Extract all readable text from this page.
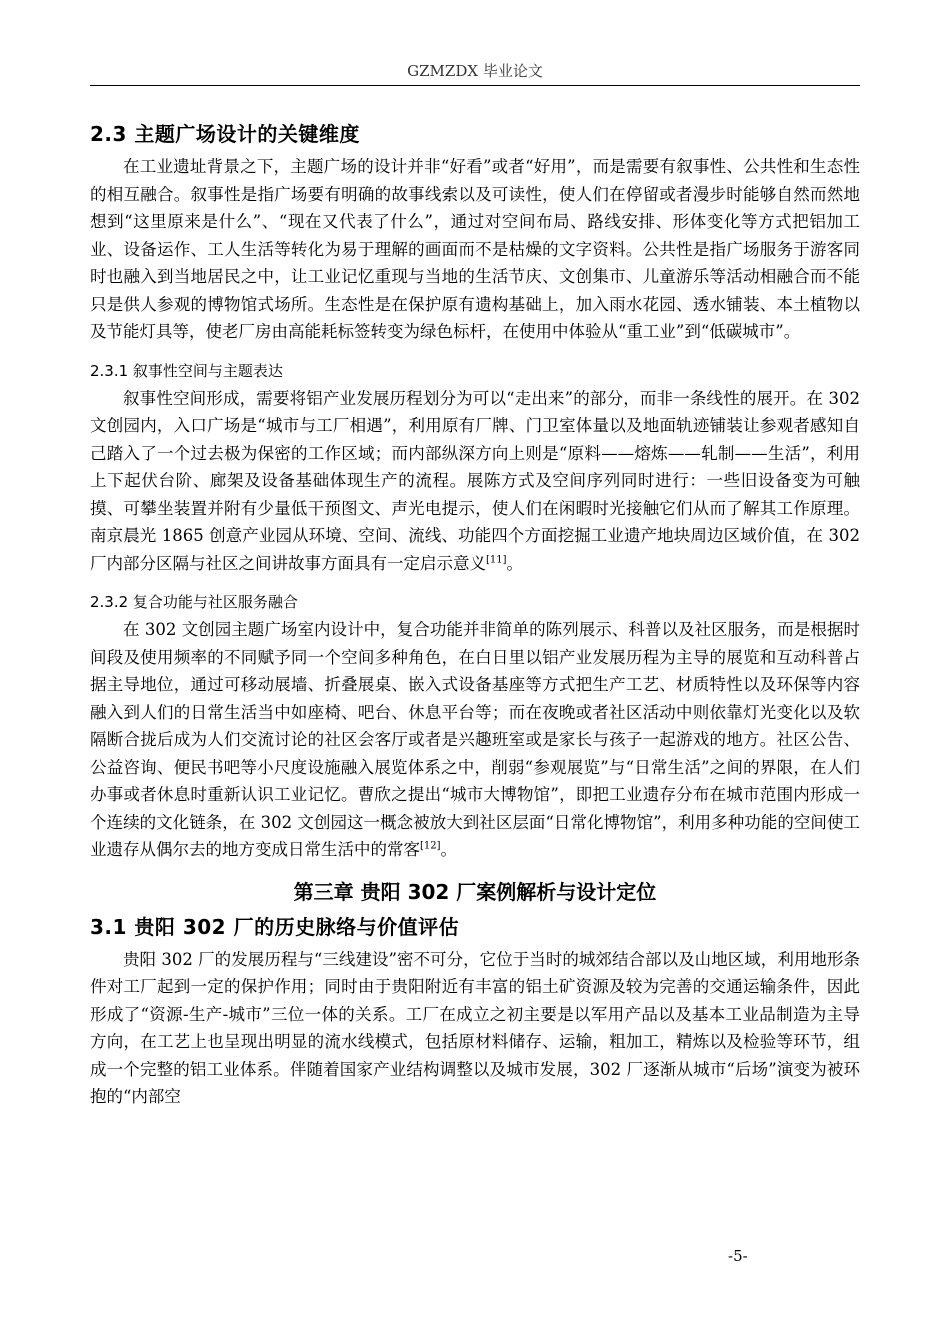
GZMZDX 毕业论文
2.3 主题广场设计的关键维度

在工业遗址背景之下，主题广场的设计并非“好看”或者“好用”，而是需要有叙事性、公共性和生态性的相互融合。叙事性是指广场要有明确的故事线索以及可读性，使人们在停留或者漫步时能够自然而然地想到“这里原来是什么”、“现在又代表了什么”，通过对空间布局、路线安排、形体变化等方式把铝加工业、设备运作、工人生活等转化为易于理解的画面而不是枯燥的文字资料。公共性是指广场服务于游客同时也融入到当地居民之中，让工业记忆重现与当地的生活节庆、文创集市、儿童游乐等活动相融合而不能只是供人参观的博物馆式场所。生态性是在保护原有遗构基础上，加入雨水花园、透水铺装、本土植物以及节能灯具等，使老厂房由高能耗标签转变为绿色标杆，在使用中体验从“重工业”到“低碳城市”。

2.3.1 叙事性空间与主题表达

叙事性空间形成，需要将铝产业发展历程划分为可以“走出来”的部分，而非一条线性的展开。在 302 文创园内，入口广场是“城市与工厂相遇”，利用原有厂牌、门卫室体量以及地面轨迹铺装让参观者感知自己踏入了一个过去极为保密的工作区域；而内部纵深方向上则是“原料——熔炼——轧制——生活”，利用上下起伏台阶、廊架及设备基础体现生产的流程。展陈方式及空间序列同时进行：一些旧设备变为可触摸、可攀坐装置并附有少量低干预图文、声光电提示，使人们在闲暇时光接触它们从而了解其工作原理。南京晨光 1865 创意产业园从环境、空间、流线、功能四个方面挖掘工业遗产地块周边区域价值，在 302 厂内部分区隔与社区之间讲故事方面具有一定启示意义[11]。

2.3.2 复合功能与社区服务融合

在 302 文创园主题广场室内设计中，复合功能并非简单的陈列展示、科普以及社区服务，而是根据时间段及使用频率的不同赋予同一个空间多种角色，在白日里以铝产业发展历程为主导的展览和互动科普占据主导地位，通过可移动展墙、折叠展桌、嵌入式设备基座等方式把生产工艺、材质特性以及环保等内容融入到人们的日常生活当中如座椅、吧台、休息平台等；而在夜晚或者社区活动中则依靠灯光变化以及软隔断合拢后成为人们交流讨论的社区会客厅或者是兴趣班室或是家长与孩子一起游戏的地方。社区公告、公益咨询、便民书吧等小尺度设施融入展览体系之中，削弱“参观展览”与“日常生活”之间的界限，在人们办事或者休息时重新认识工业记忆。曹欣之提出“城市大博物馆”，即把工业遗存分布在城市范围内形成一个连续的文化链条，在 302 文创园这一概念被放大到社区层面“日常化博物馆”，利用多种功能的空间使工业遗存从偶尔去的地方变成日常生活中的常客[12]。

第三章 贵阳 302 厂案例解析与设计定位
3.1 贵阳 302 厂的历史脉络与价值评估

贵阳 302 厂的发展历程与“三线建设”密不可分，它位于当时的城郊结合部以及山地区域，利用地形条件对工厂起到一定的保护作用；同时由于贵阳附近有丰富的铝土矿资源及较为完善的交通运输条件，因此形成了“资源-生产-城市”三位一体的关系。工厂在成立之初主要是以军用产品以及基本工业品制造为主导方向，在工艺上也呈现出明显的流水线模式，包括原材料储存、运输，粗加工，精炼以及检验等环节，组成一个完整的铝工业体系。伴随着国家产业结构调整以及城市发展，302 厂逐渐从城市“后场”演变为被环抱的“内部空

-5-
